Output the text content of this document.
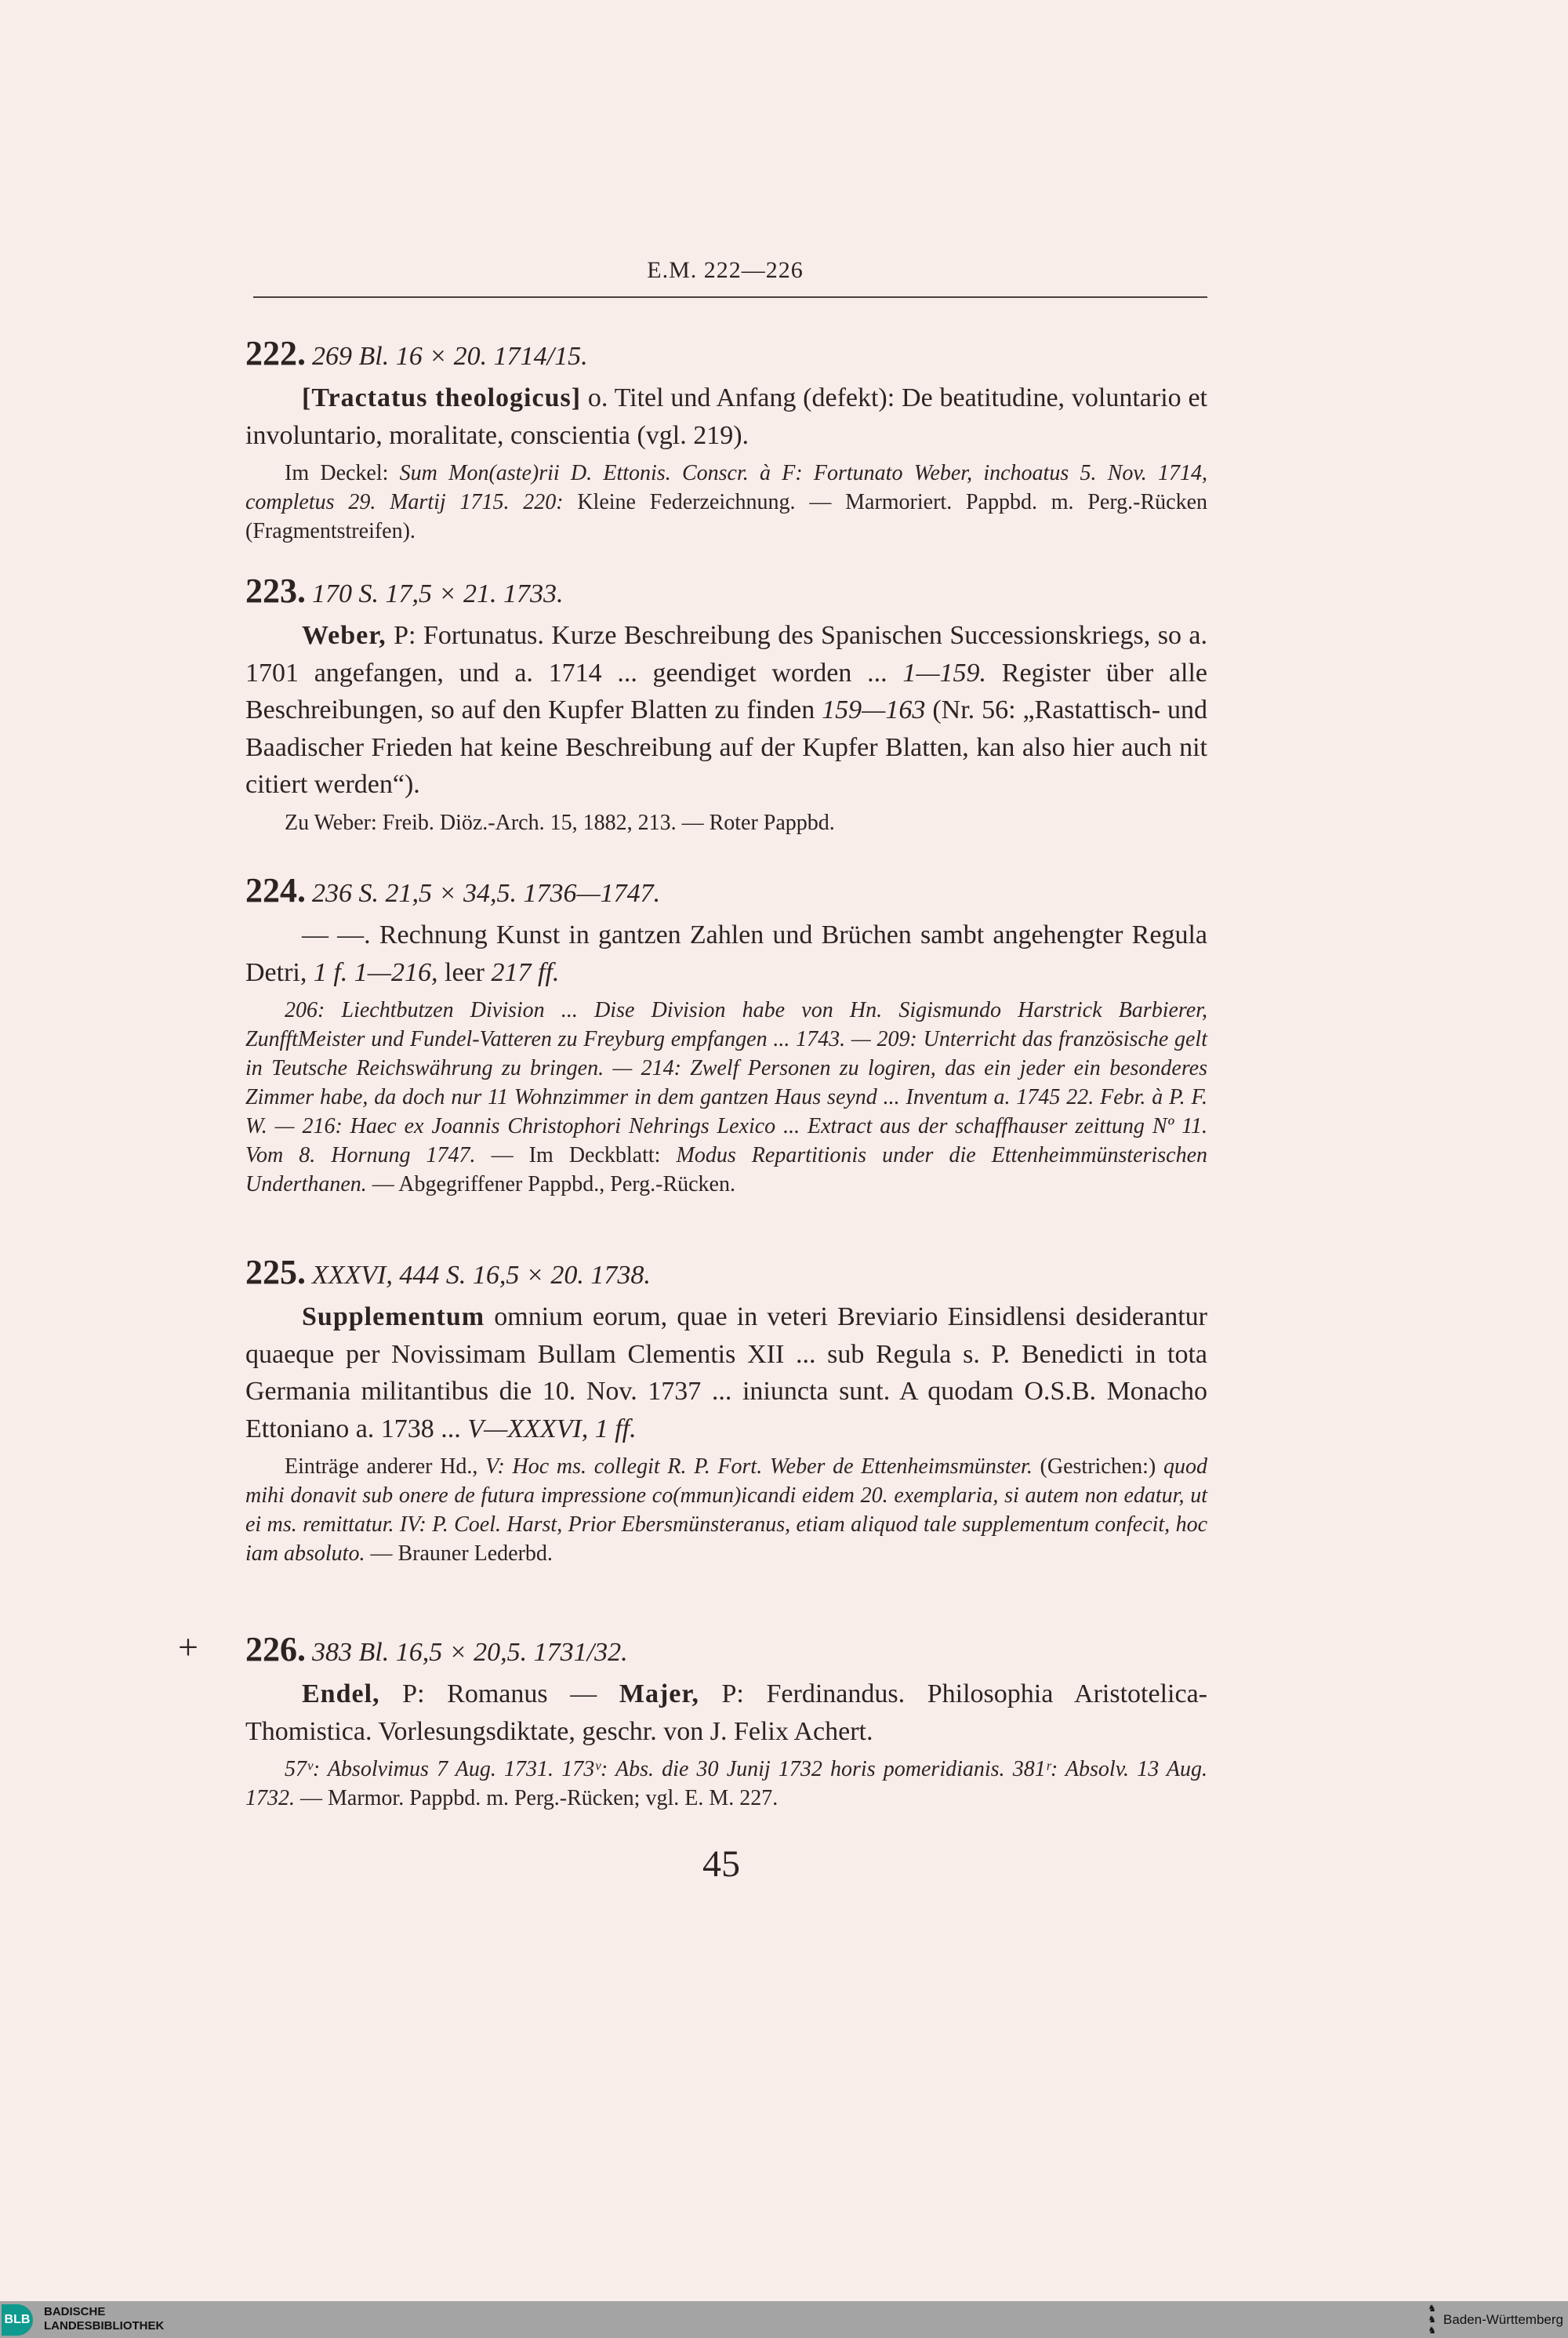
E.M. 222—226
222. 269 Bl. 16 × 20. 1714/15.

[Tractatus theologicus] o. Titel und Anfang (defekt): De beatitudine, voluntario et involuntario, moralitate, conscientia (vgl. 219).

Im Deckel: Sum Mon(aste)rii D. Ettonis. Conscr. à F: Fortunato Weber, inchoatus 5. Nov. 1714, completus 29. Martij 1715. 220: Kleine Federzeichnung. — Marmoriert. Pappbd. m. Perg.-Rücken (Fragmentstreifen).

223. 170 S. 17,5 × 21. 1733.

Weber, P: Fortunatus. Kurze Beschreibung des Spanischen Successionskriegs, so a. 1701 angefangen, und a. 1714 ... geendiget worden ... 1—159. Register über alle Beschreibungen, so auf den Kupfer Blatten zu finden 159—163 (Nr. 56: „Rastattisch- und Baadischer Frieden hat keine Beschreibung auf der Kupfer Blatten, kan also hier auch nit citiert werden“).

Zu Weber: Freib. Diöz.-Arch. 15, 1882, 213. — Roter Pappbd.

224. 236 S. 21,5 × 34,5. 1736—1747.

— —. Rechnung Kunst in gantzen Zahlen und Brüchen sambt angehengter Regula Detri, 1 f. 1—216, leer 217 ff.

206: Liechtbutzen Division ... Dise Division habe von Hn. Sigismundo Harstrick Barbierer, ZunfftMeister und Fundel-Vatteren zu Freyburg empfangen ... 1743. — 209: Unterricht das französische gelt in Teutsche Reichswährung zu bringen. — 214: Zwelf Personen zu logiren, das ein jeder ein besonderes Zimmer habe, da doch nur 11 Wohnzimmer in dem gantzen Haus seynd ... Inventum a. 1745 22. Febr. à P. F. W. — 216: Haec ex Joannis Christophori Nehrings Lexico ... Extract aus der schaffhauser zeittung Nº 11. Vom 8. Hornung 1747. — Im Deckblatt: Modus Repartitionis under die Ettenheimmünsterischen Underthanen. — Abgegriffener Pappbd., Perg.-Rücken.

225. XXXVI, 444 S. 16,5 × 20. 1738.

Supplementum omnium eorum, quae in veteri Breviario Einsidlensi desiderantur quaeque per Novissimam Bullam Clementis XII ... sub Regula s. P. Benedicti in tota Germania militantibus die 10. Nov. 1737 ... iniuncta sunt. A quodam O.S.B. Monacho Ettoniano a. 1738 ... V—XXXVI, 1 ff.

Einträge anderer Hd., V: Hoc ms. collegit R. P. Fort. Weber de Ettenheimsmünster. (Gestrichen:) quod mihi donavit sub onere de futura impressione co(mmun)icandi eidem 20. exemplaria, si autem non edatur, ut ei ms. remittatur. IV: P. Coel. Harst, Prior Ebersmünsteranus, etiam aliquod tale supplementum confecit, hoc iam absoluto. — Brauner Lederbd.

+ 226. 383 Bl. 16,5 × 20,5. 1731/32.

Endel, P: Romanus — Majer, P: Ferdinandus. Philosophia Aristotelica-Thomistica. Vorlesungsdiktate, geschr. von J. Felix Achert.

57ᵛ: Absolvimus 7 Aug. 1731. 173ᵛ: Abs. die 30 Junij 1732 horis pomeridianis. 381ʳ: Absolv. 13 Aug. 1732. — Marmor. Pappbd. m. Perg.-Rücken; vgl. E. M. 227.

45
BLB
BADISCHE
LANDESBIBLIOTHEK
♞
♞
♞
Baden-Württemberg
